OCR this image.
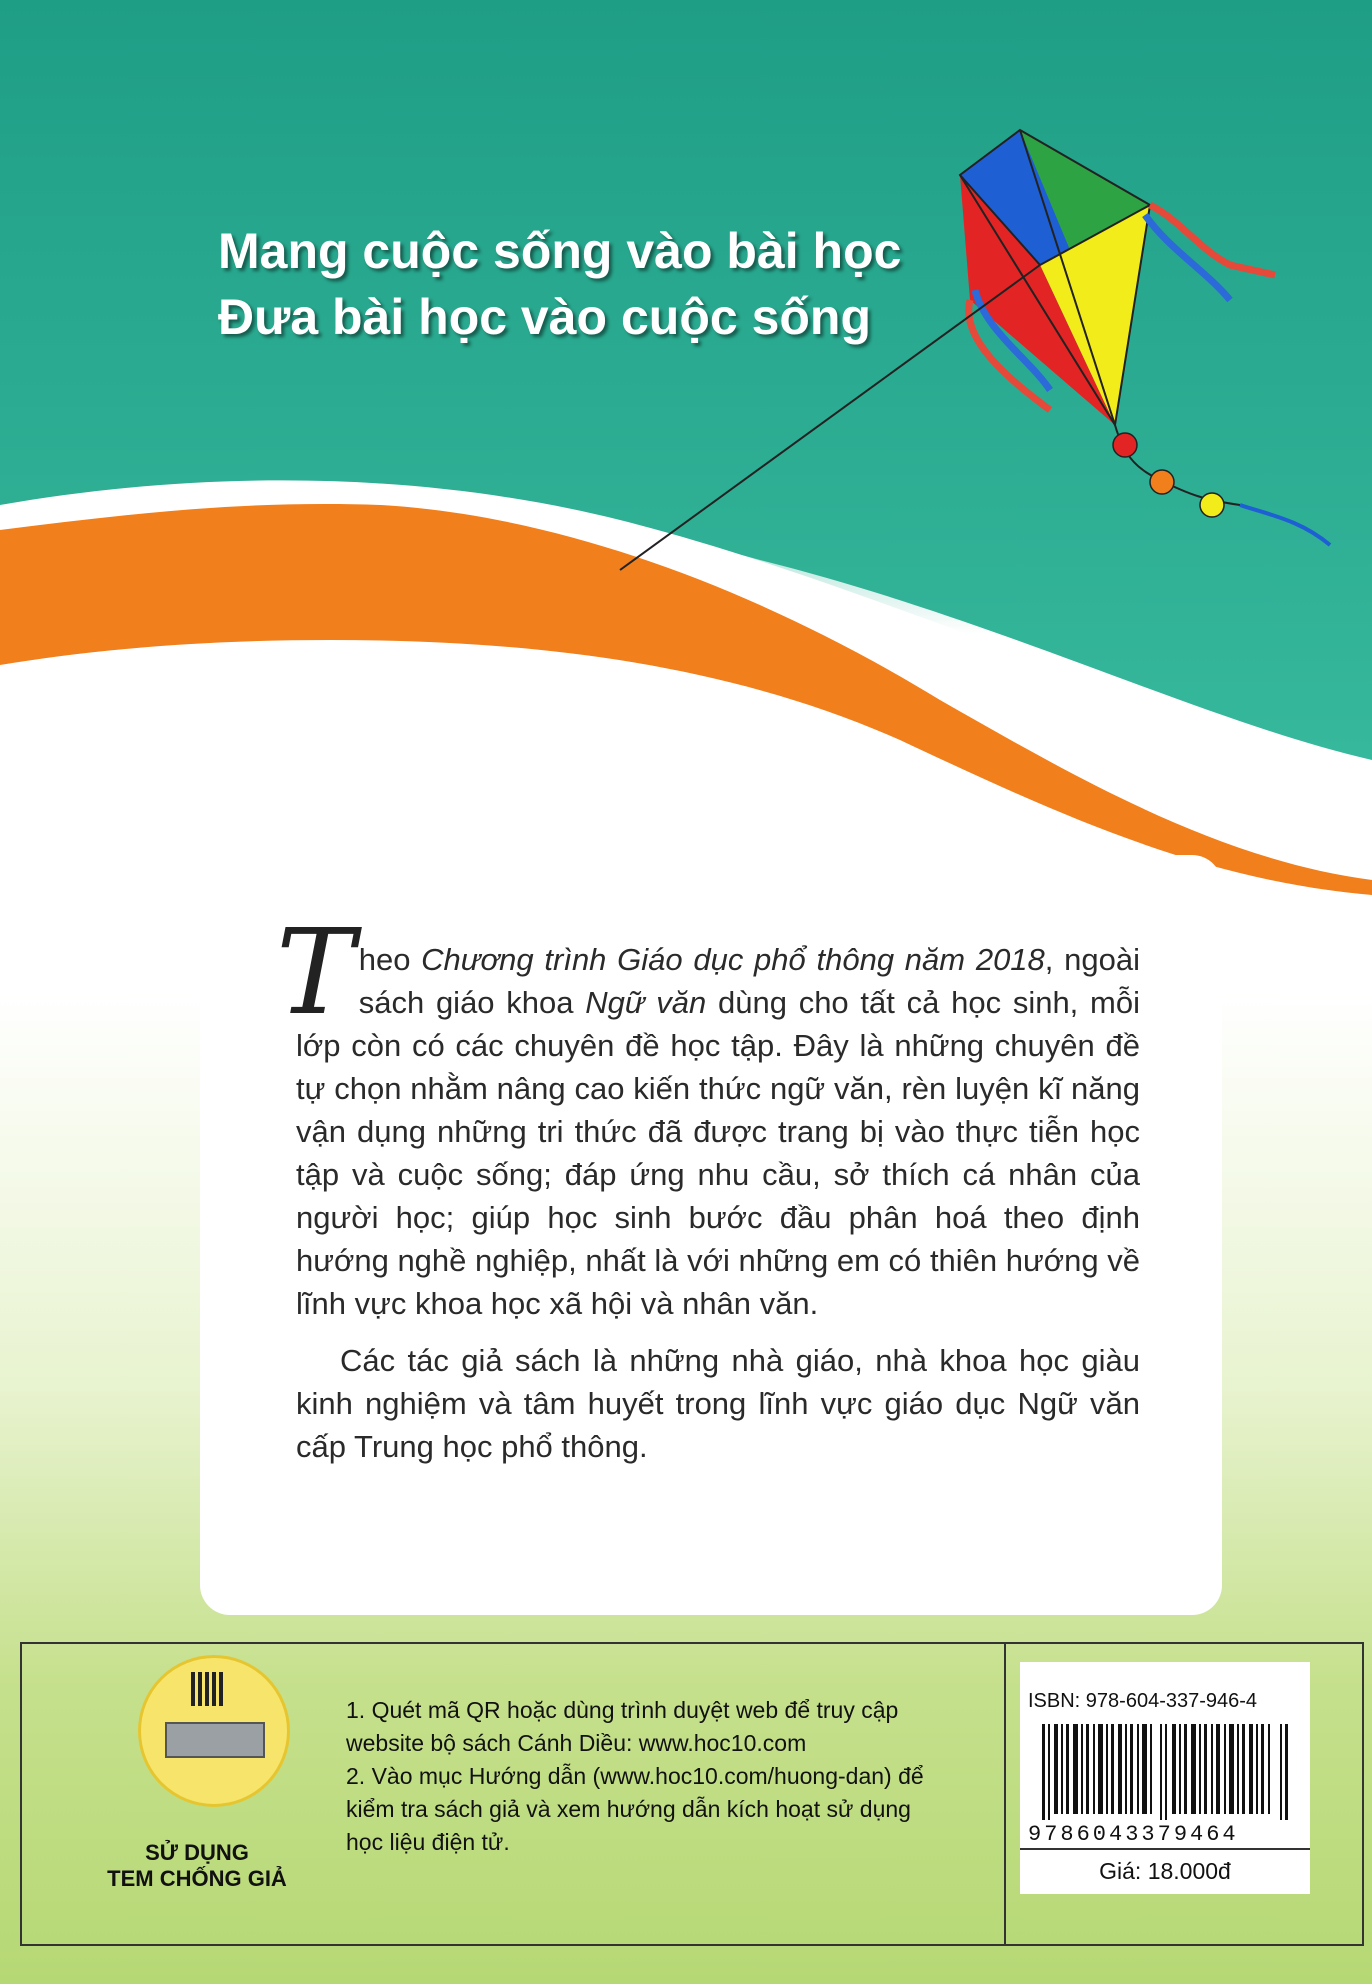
Mang cuộc sống vào bài học
Đưa bài học vào cuộc sống

Theo Chương trình Giáo dục phổ thông năm 2018, ngoài sách giáo khoa Ngữ văn dùng cho tất cả học sinh, mỗi lớp còn có các chuyên đề học tập. Đây là những chuyên đề tự chọn nhằm nâng cao kiến thức ngữ văn, rèn luyện kĩ năng vận dụng những tri thức đã được trang bị vào thực tiễn học tập và cuộc sống; đáp ứng nhu cầu, sở thích cá nhân của người học; giúp học sinh bước đầu phân hoá theo định hướng nghề nghiệp, nhất là với những em có thiên hướng về lĩnh vực khoa học xã hội và nhân văn.

Các tác giả sách là những nhà giáo, nhà khoa học giàu kinh nghiệm và tâm huyết trong lĩnh vực giáo dục Ngữ văn cấp Trung học phổ thông.

SỬ DỤNG
TEM CHỐNG GIẢ
1. Quét mã QR hoặc dùng trình duyệt web để truy cập
website bộ sách Cánh Diều: www.hoc10.com
2. Vào mục Hướng dẫn (www.hoc10.com/huong-dan) để
kiểm tra sách giả và xem hướng dẫn kích hoạt sử dụng
học liệu điện tử.
ISBN: 978-604-337-946-4
9786043379464
Giá: 18.000đ
